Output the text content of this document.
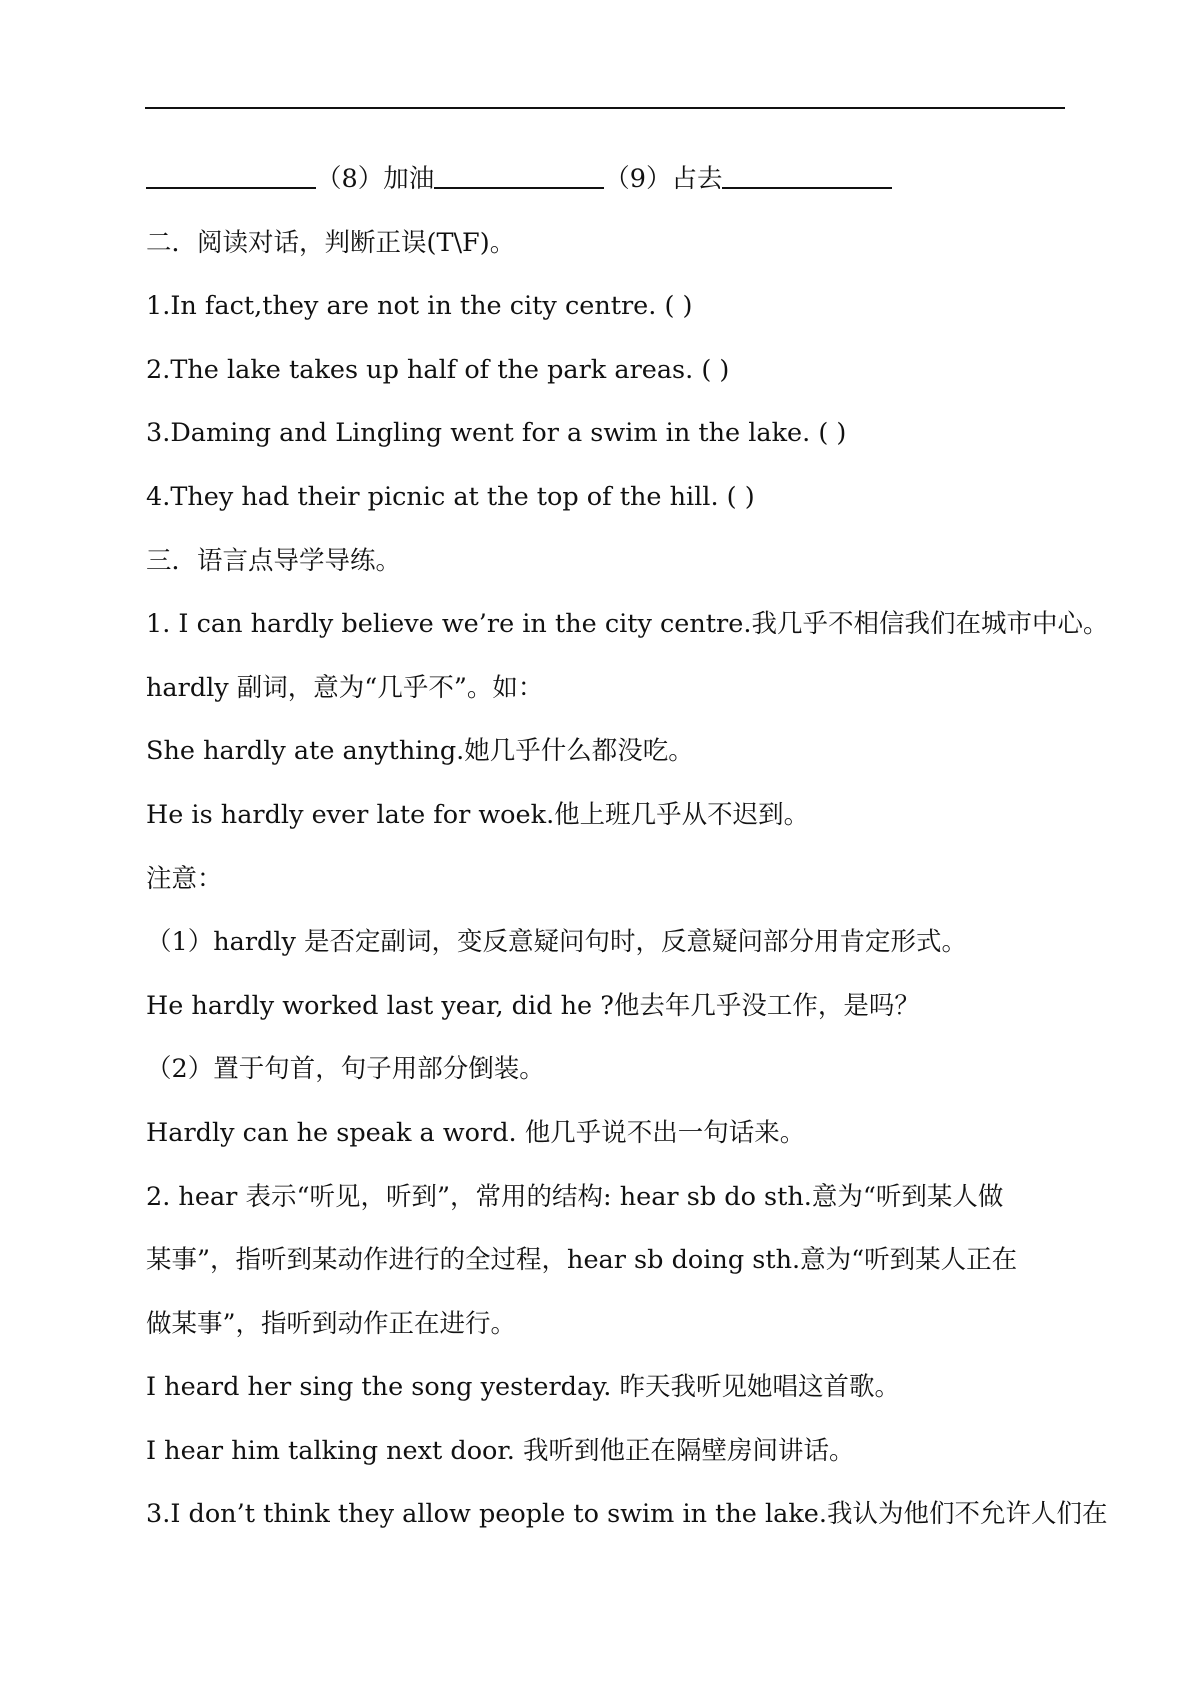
（8）加油	（9）占去
二．阅读对话，判断正误(T\F)。
1.In fact,they are not in the city centre. ( )
2.The lake takes up half of the park areas. ( )
3.Daming and Lingling went for a swim in the lake. ( )
4.They had their picnic at the top of the hill. ( )
三．语言点导学导练。
1. I can hardly believe we’re in the city centre.我几乎不相信我们在城市中心。
hardly 副词，意为“几乎不”。如：
She hardly ate anything.她几乎什么都没吃。
He is hardly ever late for woek.他上班几乎从不迟到。
注意：
（1）hardly 是否定副词，变反意疑问句时，反意疑问部分用肯定形式。
He hardly worked last year, did he ?他去年几乎没工作，是吗？
（2）置于句首，句子用部分倒装。
Hardly can he speak a word. 他几乎说不出一句话来。
2. hear 表示“听见，听到”，常用的结构: hear sb do sth.意为“听到某人做
某事”，指听到某动作进行的全过程，hear sb doing sth.意为“听到某人正在
做某事”，指听到动作正在进行。
I heard her sing the song yesterday. 昨天我听见她唱这首歌。
I hear him talking next door. 我听到他正在隔壁房间讲话。
3.I don’t think they allow people to swim in the lake.我认为他们不允许人们在
